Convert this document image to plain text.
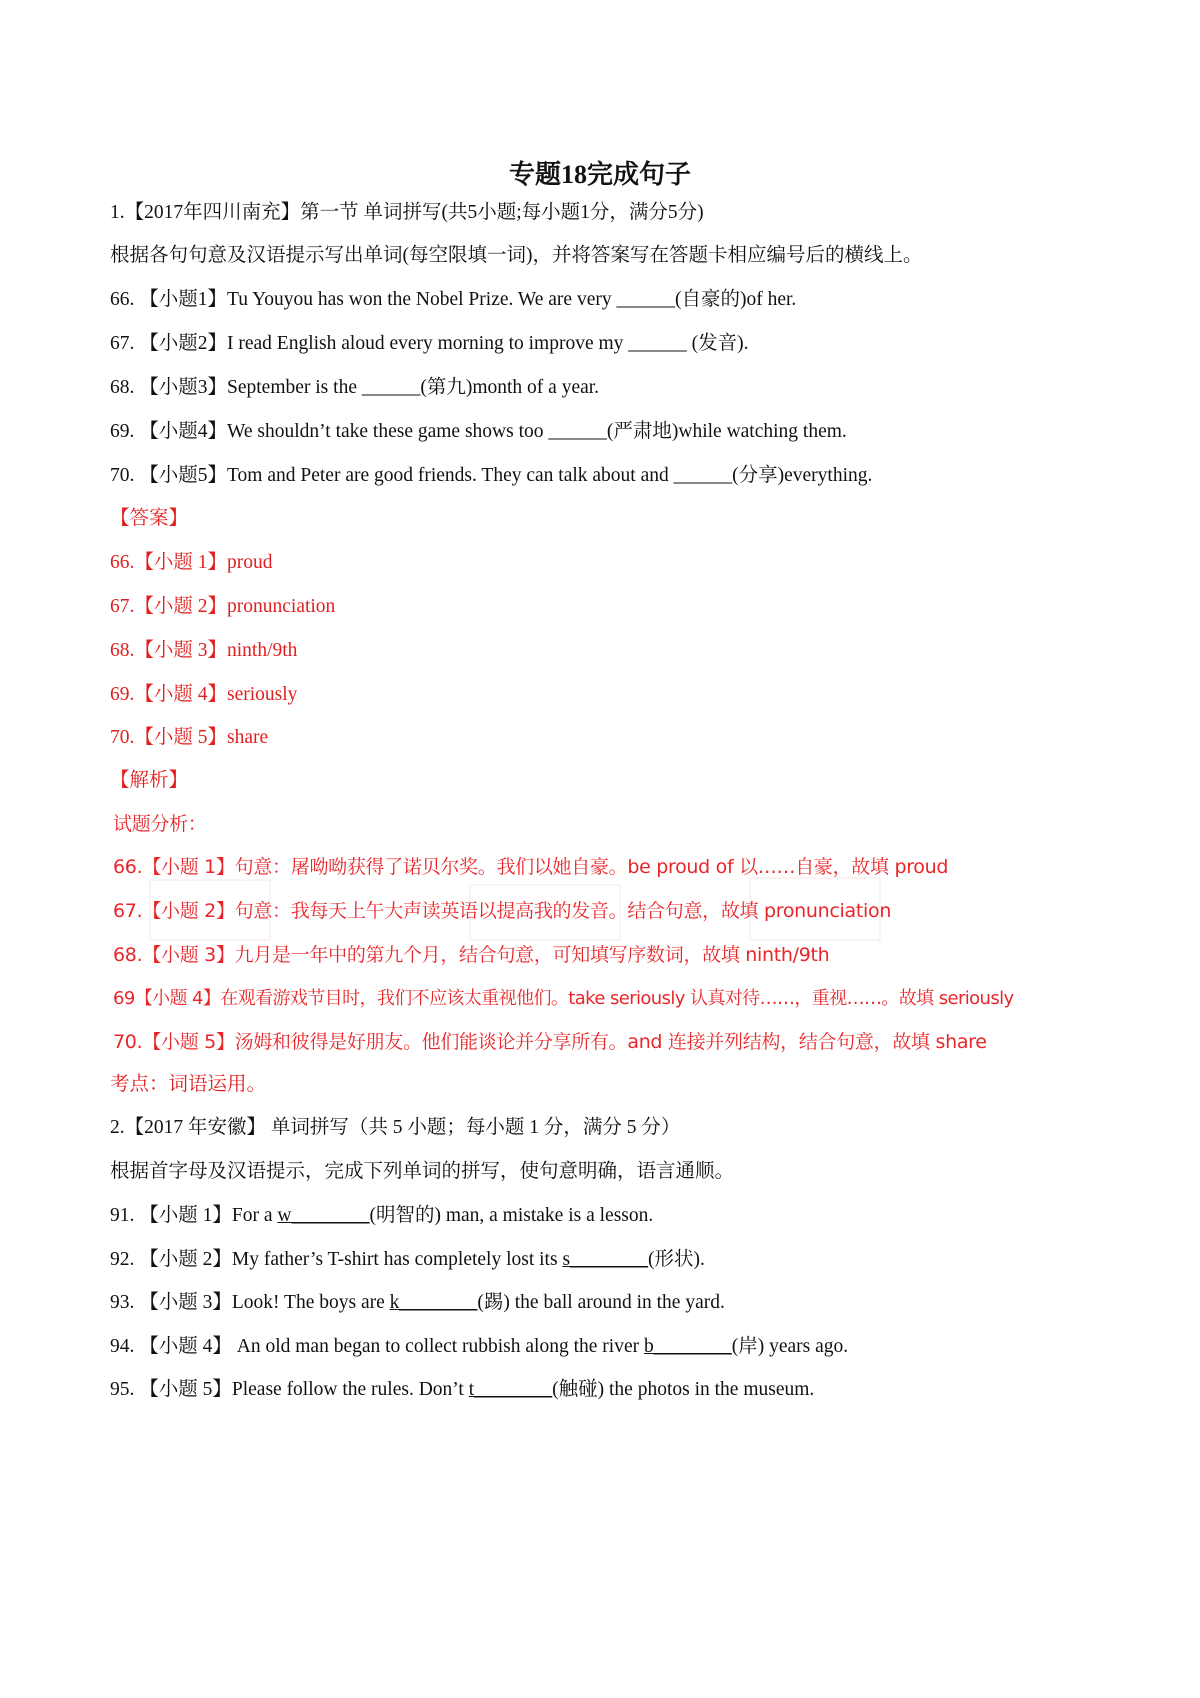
专题18完成句子
1.【2017年四川南充】第一节 单词拼写(共5小题;每小题1分，满分5分)
根据各句句意及汉语提示写出单词(每空限填一词)，并将答案写在答题卡相应编号后的横线上。
66. 【小题1】Tu Youyou has won the Nobel Prize. We are very ______(自豪的)of her.
67. 【小题2】I read English aloud every morning to improve my ______ (发音).
68. 【小题3】September is the ______(第九)month of a year.
69. 【小题4】We shouldn’t take these game shows too ______(严肃地)while watching them.
70. 【小题5】Tom and Peter are good friends. They can talk about and ______(分享)everything.
【答案】
66.【小题 1】proud
67.【小题 2】pronunciation
68.【小题 3】ninth/9th
69.【小题 4】seriously
70.【小题 5】share
【解析】
试题分析：
66.【小题 1】句意：屠呦呦获得了诺贝尔奖。我们以她自豪。be proud of 以……自豪，故填 proud
67.【小题 2】句意：我每天上午大声读英语以提高我的发音。结合句意，故填 pronunciation
68.【小题 3】九月是一年中的第九个月，结合句意，可知填写序数词，故填 ninth/9th
69【小题 4】在观看游戏节目时，我们不应该太重视他们。take seriously 认真对待……，重视……。故填 seriously
70.【小题 5】汤姆和彼得是好朋友。他们能谈论并分享所有。and 连接并列结构，结合句意，故填 share
考点：词语运用。
2.【2017 年安徽】 单词拼写（共 5 小题；每小题 1 分，满分 5 分）
根据首字母及汉语提示，完成下列单词的拼写，使句意明确，语言通顺。
91. 【小题 1】For a w________(明智的) man, a mistake is a lesson.
92. 【小题 2】My father’s T-shirt has completely lost its s________(形状).
93. 【小题 3】Look! The boys are k________(踢) the ball around in the yard.
94. 【小题 4】 An old man began to collect rubbish along the river b________(岸) years ago.
95. 【小题 5】Please follow the rules. Don’t t________(触碰) the photos in the museum.
